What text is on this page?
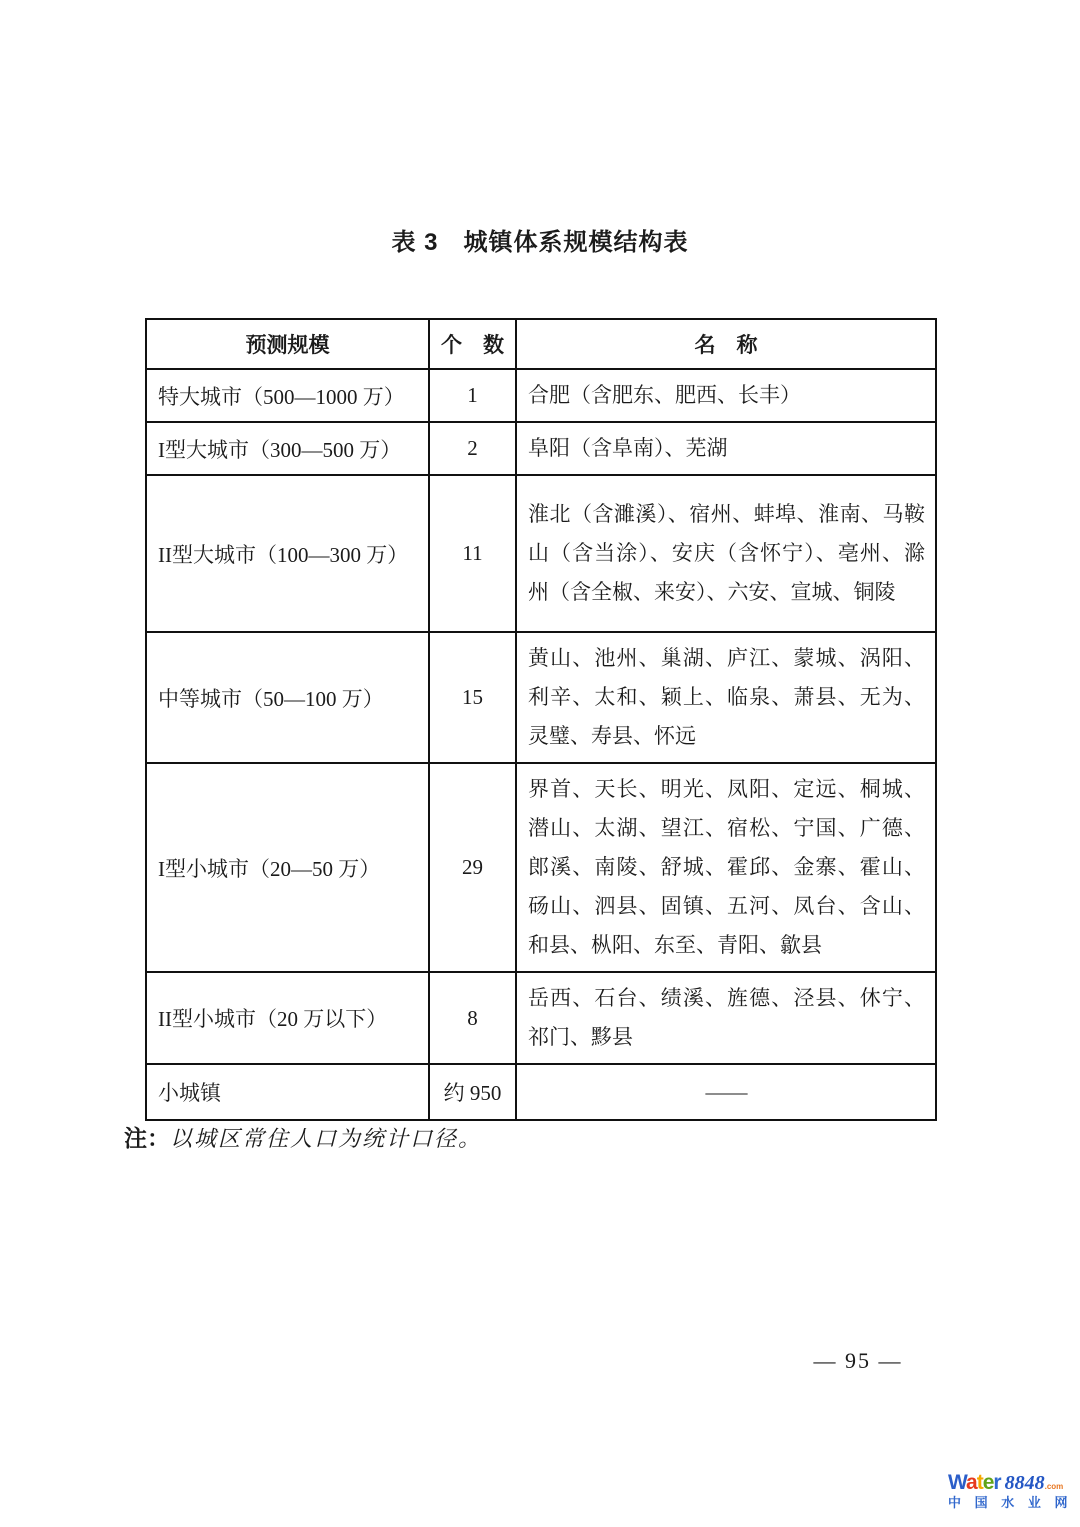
表 3　城镇体系规模结构表
预测规模	个　数	名　称
特大城市（500—1000 万）	1	合肥（含肥东、肥西、长丰）
I型大城市（300—500 万）	2	阜阳（含阜南）、芜湖
II型大城市（100—300 万）	11	淮北（含濉溪）、宿州、蚌埠、淮南、马鞍山（含当涂）、安庆（含怀宁）、亳州、滁州（含全椒、来安）、六安、宣城、铜陵
中等城市（50—100 万）	15	黄山、池州、巢湖、庐江、蒙城、涡阳、利辛、太和、颖上、临泉、萧县、无为、灵璧、寿县、怀远
I型小城市（20—50 万）	29	界首、天长、明光、凤阳、定远、桐城、潜山、太湖、望江、宿松、宁国、广德、郎溪、南陵、舒城、霍邱、金寨、霍山、砀山、泗县、固镇、五河、凤台、含山、和县、枞阳、东至、青阳、歙县
II型小城市（20 万以下）	8	岳西、石台、绩溪、旌德、泾县、休宁、祁门、黟县
小城镇	约 950	——

注：以城区常住人口为统计口径。

— 95 —
Water 8848.com
中 国 水 业 网
